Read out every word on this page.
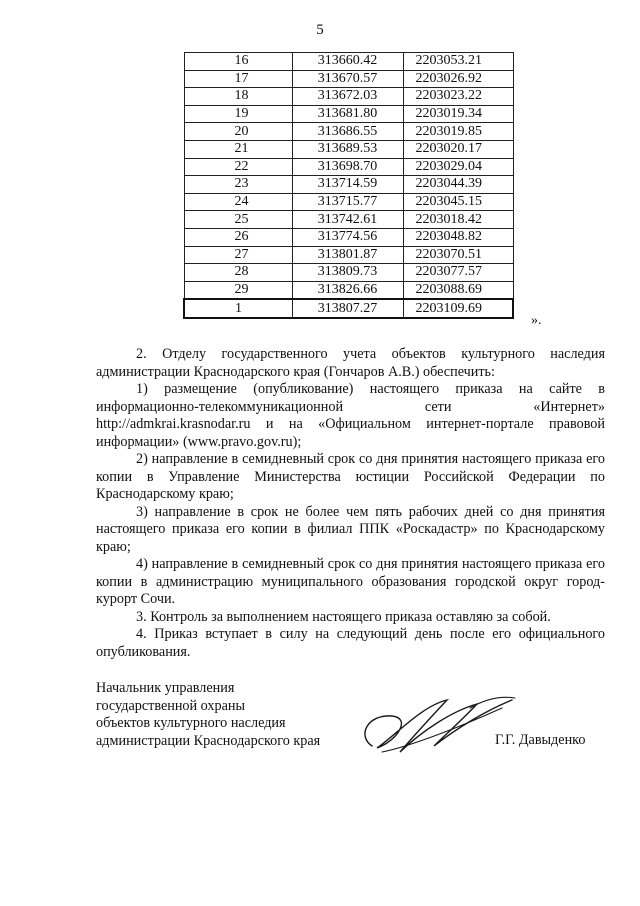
5
16	313660.42	2203053.21
17	313670.57	2203026.92
18	313672.03	2203023.22
19	313681.80	2203019.34
20	313686.55	2203019.85
21	313689.53	2203020.17
22	313698.70	2203029.04
23	313714.59	2203044.39
24	313715.77	2203045.15
25	313742.61	2203018.42
26	313774.56	2203048.82
27	313801.87	2203070.51
28	313809.73	2203077.57
29	313826.66	2203088.69
1	313807.27	2203109.69
».

2. Отделу государственного учета объектов культурного наследия администрации Краснодарского края (Гончаров А.В.) обеспечить:

1) размещение (опубликование) настоящего приказа на сайте в информационно-телекоммуникационной сети «Интернет» http://admkrai.krasnodar.ru и на «Официальном интернет-портале правовой информации» (www.pravo.gov.ru);

2) направление в семидневный срок со дня принятия настоящего приказа его копии в Управление Министерства юстиции Российской Федерации по Краснодарскому краю;

3) направление в срок не более чем пять рабочих дней со дня принятия настоящего приказа его копии в филиал ППК «Роскадастр» по Краснодарскому краю;

4) направление в семидневный срок со дня принятия настоящего приказа его копии в администрацию муниципального образования городской округ город-курорт Сочи.

3. Контроль за выполнением настоящего приказа оставляю за собой.

4. Приказ вступает в силу на следующий день после его официального опубликования.

Начальник управления
государственной охраны
объектов культурного наследия
администрации Краснодарского края	Г.Г. Давыденко
